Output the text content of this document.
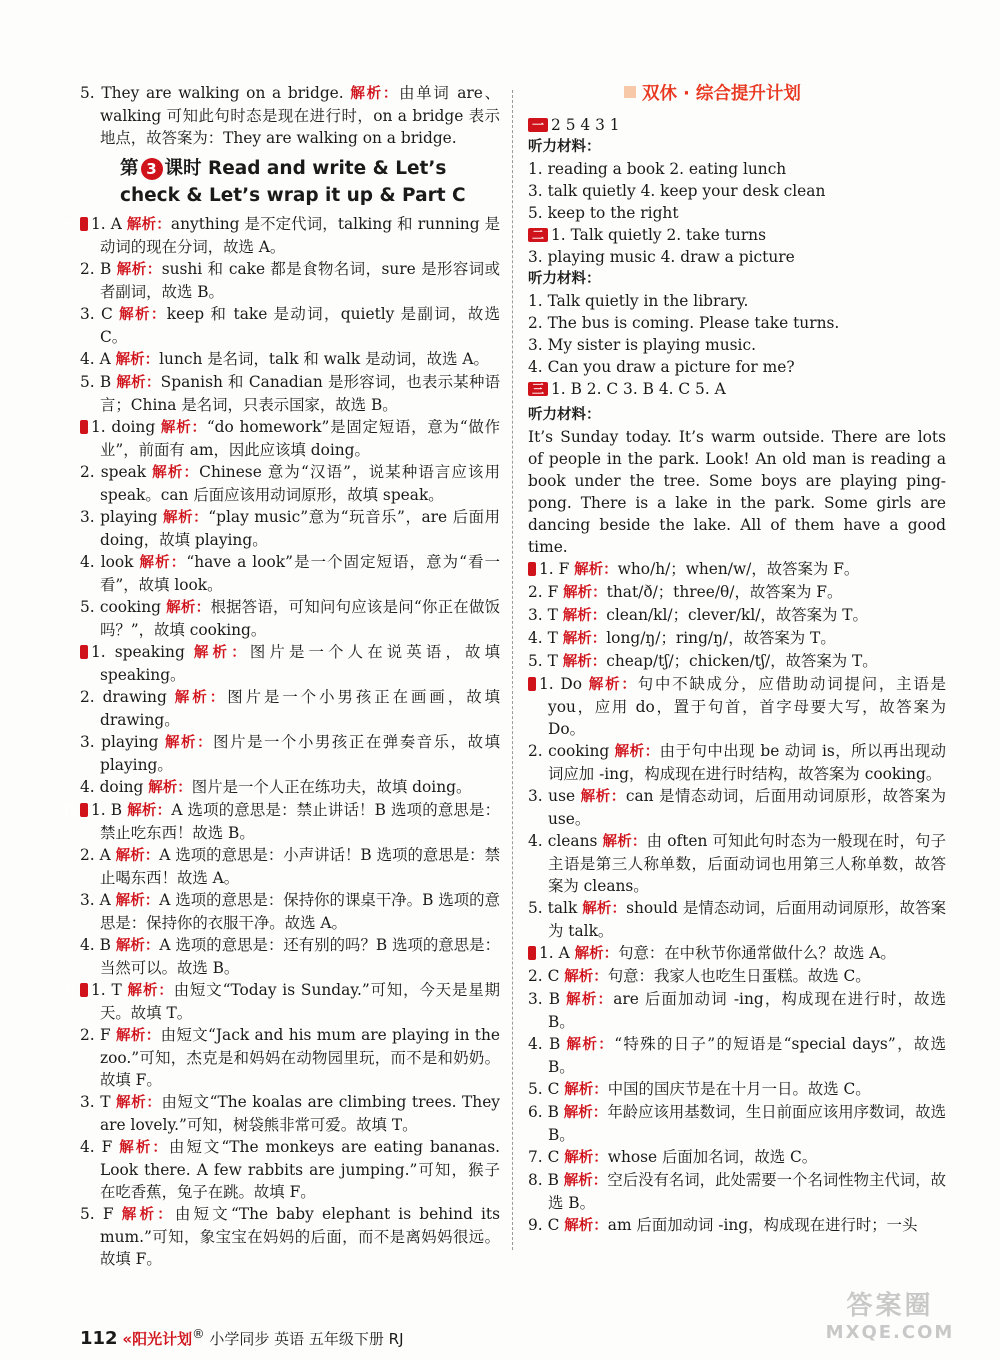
5. They are walking on a bridge. 解析：由单词 are、walking 可知此句时态是现在进行时，on a bridge 表示地点，故答案为：They are walking on a bridge.

第 3 课时 Read and write & Let’s check & Let’s wrap it up & Part C

一 1. A 解析：anything 是不定代词，talking 和 running 是动词的现在分词，故选 A。

2. B 解析：sushi 和 cake 都是食物名词，sure 是形容词或者副词，故选 B。

3. C 解析：keep 和 take 是动词，quietly 是副词，故选 C。

4. A 解析：lunch 是名词，talk 和 walk 是动词，故选 A。

5. B 解析：Spanish 和 Canadian 是形容词，也表示某种语言；China 是名词，只表示国家，故选 B。

二 1. doing 解析：“do homework”是固定短语，意为“做作业”，前面有 am，因此应该填 doing。

2. speak 解析：Chinese 意为“汉语”，说某种语言应该用 speak。can 后面应该用动词原形，故填 speak。

3. playing 解析：“play music”意为“玩音乐”，are 后面用 doing，故填 playing。

4. look 解析：“have a look”是一个固定短语，意为“看一看”，故填 look。

5. cooking 解析：根据答语，可知问句应该是问“你正在做饭吗？”，故填 cooking。

三 1. speaking 解析：图片是一个人在说英语，故填 speaking。

2. drawing 解析：图片是一个小男孩正在画画，故填 drawing。

3. playing 解析：图片是一个小男孩正在弹奏音乐，故填 playing。

4. doing 解析：图片是一个人正在练功夫，故填 doing。

四 1. B 解析：A 选项的意思是：禁止讲话！B 选项的意思是：禁止吃东西！故选 B。

2. A 解析：A 选项的意思是：小声讲话！B 选项的意思是：禁止喝东西！故选 A。

3. A 解析：A 选项的意思是：保持你的课桌干净。B 选项的意思是：保持你的衣服干净。故选 A。

4. B 解析：A 选项的意思是：还有别的吗？B 选项的意思是：当然可以。故选 B。

五 1. T 解析：由短文“Today is Sunday.”可知，今天是星期天。故填 T。

2. F 解析：由短文“Jack and his mum are playing in the zoo.”可知，杰克是和妈妈在动物园里玩，而不是和奶奶。故填 F。

3. T 解析：由短文“The koalas are climbing trees. They are lovely.”可知，树袋熊非常可爱。故填 T。

4. F 解析：由短文“The monkeys are eating bananas. Look there. A few rabbits are jumping.”可知，猴子在吃香蕉，兔子在跳。故填 F。

5. F 解析：由短文“The baby elephant is behind its mum.”可知，象宝宝在妈妈的后面，而不是离妈妈很远。故填 F。

双休 · 综合提升计划

一 2 5 4 3 1

听力材料：

1. reading a book 2. eating lunch

3. talk quietly 4. keep your desk clean

5. keep to the right

二 1. Talk quietly 2. take turns

3. playing music 4. draw a picture

听力材料：

1. Talk quietly in the library.

2. The bus is coming. Please take turns.

3. My sister is playing music.

4. Can you draw a picture for me?

三 1. B 2. C 3. B 4. C 5. A

听力材料：

It’s Sunday today. It’s warm outside. There are lots of people in the park. Look! An old man is reading a book under the tree. Some boys are playing ping-pong. There is a lake in the park. Some girls are dancing beside the lake. All of them have a good time.

四 1. F 解析：who/h/；when/w/，故答案为 F。

2. F 解析：that/ð/；three/θ/，故答案为 F。

3. T 解析：clean/kl/；clever/kl/，故答案为 T。

4. T 解析：long/ŋ/；ring/ŋ/，故答案为 T。

5. T 解析：cheap/tʃ/；chicken/tʃ/，故答案为 T。

五 1. Do 解析：句中不缺成分，应借助动词提问，主语是 you，应用 do，置于句首，首字母要大写，故答案为 Do。

2. cooking 解析：由于句中出现 be 动词 is，所以再出现动词应加 -ing，构成现在进行时结构，故答案为 cooking。

3. use 解析：can 是情态动词，后面用动词原形，故答案为 use。

4. cleans 解析：由 often 可知此句时态为一般现在时，句子主语是第三人称单数，后面动词也用第三人称单数，故答案为 cleans。

5. talk 解析：should 是情态动词，后面用动词原形，故答案为 talk。

六 1. A 解析：句意：在中秋节你通常做什么？故选 A。

2. C 解析：句意：我家人也吃生日蛋糕。故选 C。

3. B 解析：are 后面加动词 -ing，构成现在进行时，故选 B。

4. B 解析：“特殊的日子”的短语是“special days”，故选 B。

5. C 解析：中国的国庆节是在十月一日。故选 C。

6. B 解析：年龄应该用基数词，生日前面应该用序数词，故选 B。

7. C 解析：whose 后面加名词，故选 C。

8. B 解析：空后没有名词，此处需要一个名词性物主代词，故选 B。

9. C 解析：am 后面加动词 -ing，构成现在进行时；一头

112 «阳光计划® 小学同步 英语 五年级下册 RJ
答案圈
MXQE.COM
